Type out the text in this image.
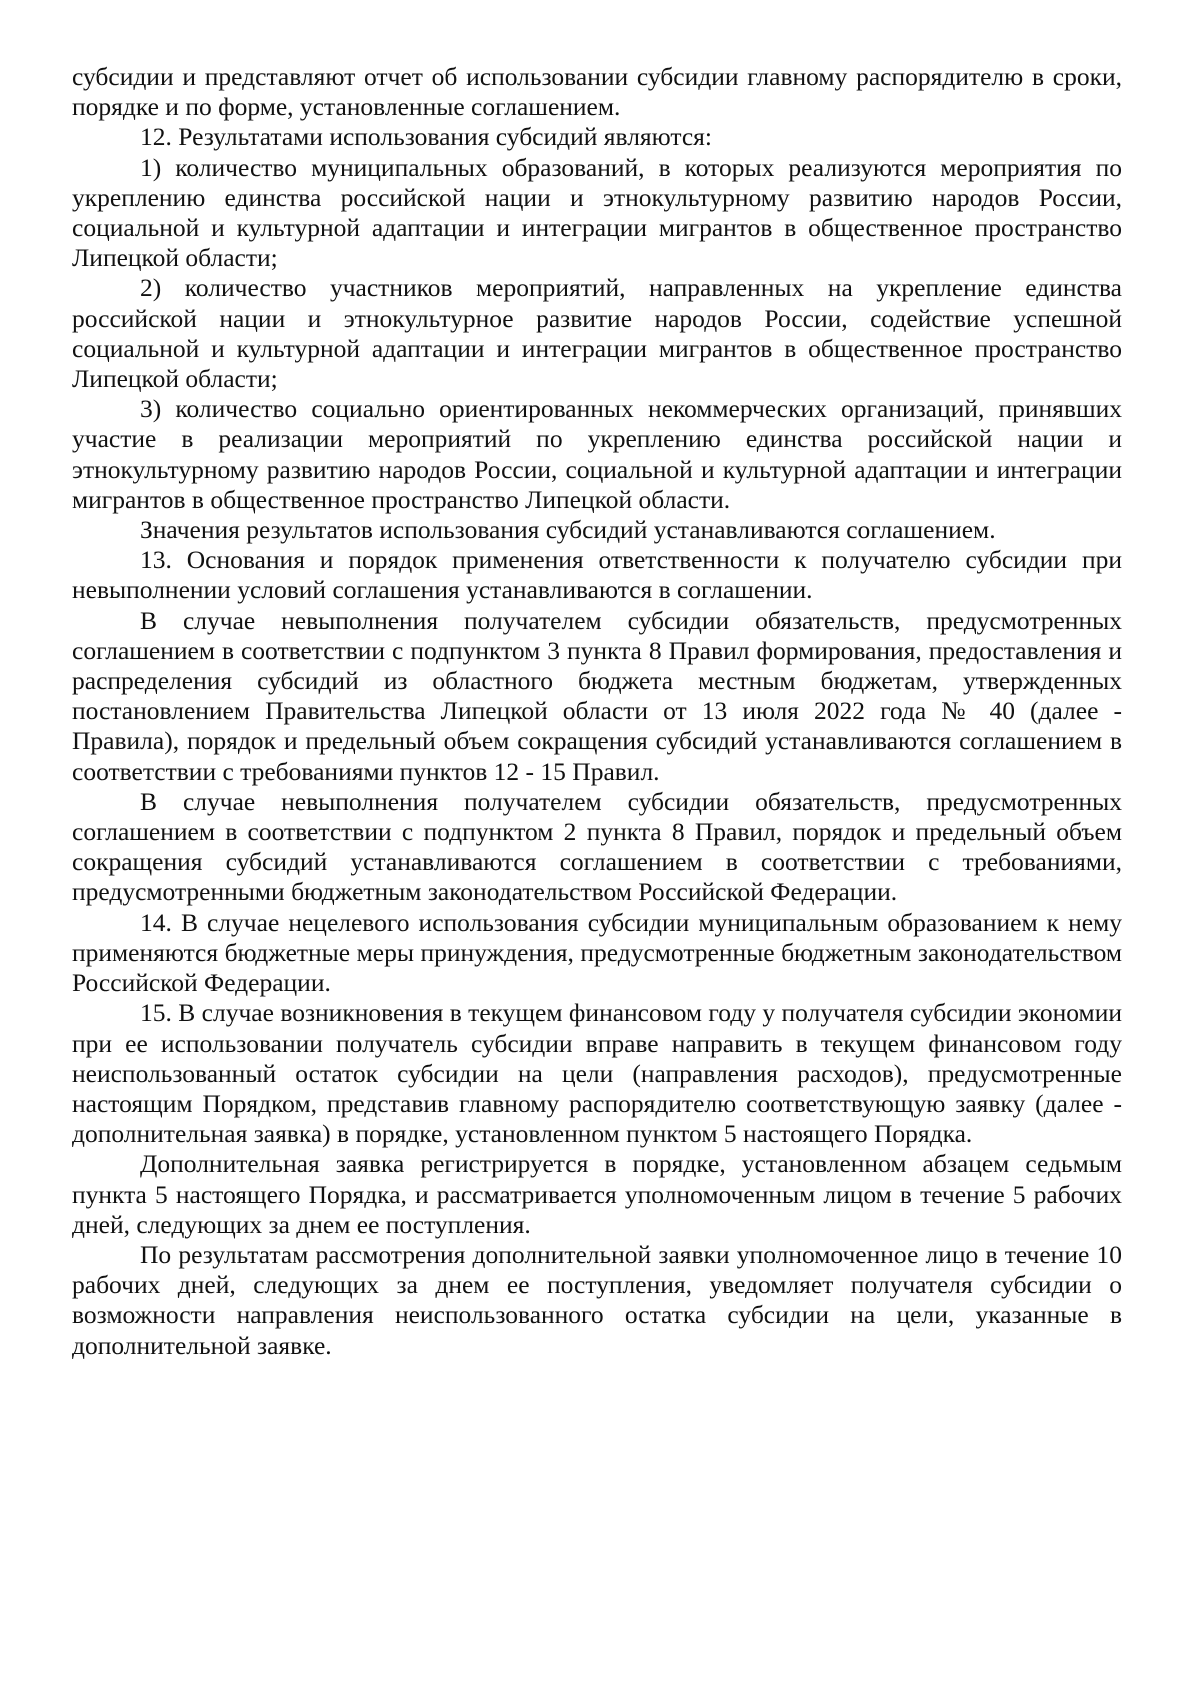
субсидии и представляют отчет об использовании субсидии главному распорядителю в сроки, порядке и по форме, установленные соглашением.

12. Результатами использования субсидий являются:

1) количество муниципальных образований, в которых реализуются мероприятия по укреплению единства российской нации и этнокультурному развитию народов России, социальной и культурной адаптации и интеграции мигрантов в общественное пространство Липецкой области;

2) количество участников мероприятий, направленных на укрепление единства российской нации и этнокультурное развитие народов России, содействие успешной социальной и культурной адаптации и интеграции мигрантов в общественное пространство Липецкой области;

3) количество социально ориентированных некоммерческих организаций, принявших участие в реализации мероприятий по укреплению единства российской нации и этнокультурному развитию народов России, социальной и культурной адаптации и интеграции мигрантов в общественное пространство Липецкой области.

Значения результатов использования субсидий устанавливаются соглашением.

13. Основания и порядок применения ответственности к получателю субсидии при невыполнении условий соглашения устанавливаются в соглашении.

В случае невыполнения получателем субсидии обязательств, предусмотренных соглашением в соответствии с подпунктом 3 пункта 8 Правил формирования, предоставления и распределения субсидий из областного бюджета местным бюджетам, утвержденных постановлением Правительства Липецкой области от 13 июля 2022 года № 40 (далее - Правила), порядок и предельный объем сокращения субсидий устанавливаются соглашением в соответствии с требованиями пунктов 12 - 15 Правил.

В случае невыполнения получателем субсидии обязательств, предусмотренных соглашением в соответствии с подпунктом 2 пункта 8 Правил, порядок и предельный объем сокращения субсидий устанавливаются соглашением в соответствии с требованиями, предусмотренными бюджетным законодательством Российской Федерации.

14. В случае нецелевого использования субсидии муниципальным образованием к нему применяются бюджетные меры принуждения, предусмотренные бюджетным законодательством Российской Федерации.

15. В случае возникновения в текущем финансовом году у получателя субсидии экономии при ее использовании получатель субсидии вправе направить в текущем финансовом году неиспользованный остаток субсидии на цели (направления расходов), предусмотренные настоящим Порядком, представив главному распорядителю соответствующую заявку (далее - дополнительная заявка) в порядке, установленном пунктом 5 настоящего Порядка.

Дополнительная заявка регистрируется в порядке, установленном абзацем седьмым пункта 5 настоящего Порядка, и рассматривается уполномоченным лицом в течение 5 рабочих дней, следующих за днем ее поступления.

По результатам рассмотрения дополнительной заявки уполномоченное лицо в течение 10 рабочих дней, следующих за днем ее поступления, уведомляет получателя субсидии о возможности направления неиспользованного остатка субсидии на цели, указанные в дополнительной заявке.
